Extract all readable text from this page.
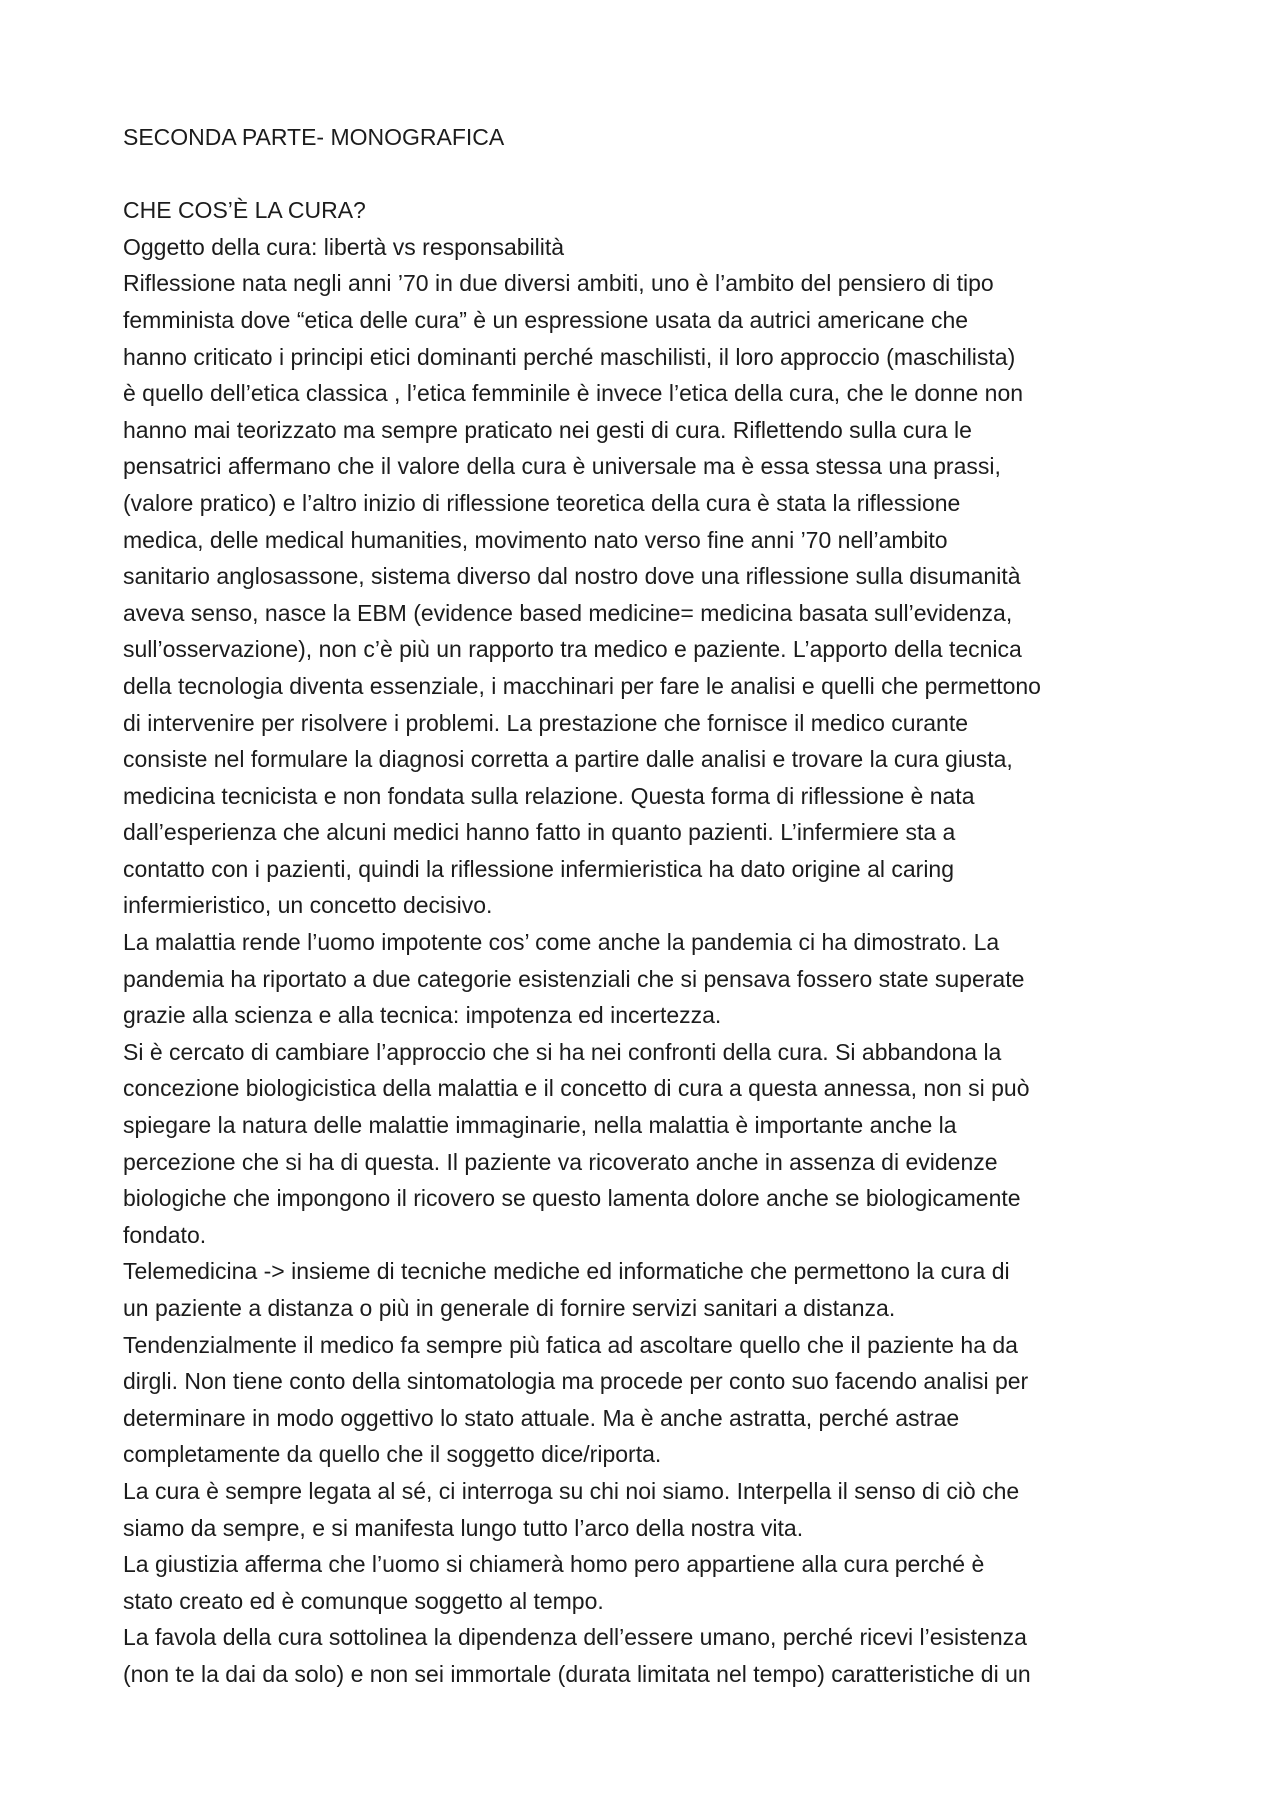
SECONDA PARTE- MONOGRAFICA
CHE COS’È LA CURA?
Oggetto della cura: libertà vs responsabilità
Riflessione nata negli anni ’70 in due diversi ambiti, uno è l’ambito del pensiero di tipo
femminista dove “etica delle cura” è un espressione usata da autrici americane che
hanno criticato i principi etici dominanti perché maschilisti, il loro approccio (maschilista)
è quello dell’etica classica , l’etica femminile è invece l’etica della cura, che le donne non
hanno mai teorizzato ma sempre praticato nei gesti di cura. Riflettendo sulla cura le
pensatrici affermano che il valore della cura è universale ma è essa stessa una prassi,
(valore pratico) e l’altro inizio di riflessione teoretica della cura è stata la riflessione
medica, delle medical humanities, movimento nato verso fine anni ’70 nell’ambito
sanitario anglosassone, sistema diverso dal nostro dove una riflessione sulla disumanità
aveva senso, nasce la EBM (evidence based medicine= medicina basata sull’evidenza,
sull’osservazione), non c’è più un rapporto tra medico e paziente. L’apporto della tecnica
della tecnologia diventa essenziale, i macchinari per fare le analisi e quelli che permettono
di intervenire per risolvere i problemi. La prestazione che fornisce il medico curante
consiste nel formulare la diagnosi corretta a partire dalle analisi e trovare la cura giusta,
medicina tecnicista e non fondata sulla relazione. Questa forma di riflessione è nata
dall’esperienza che alcuni medici hanno fatto in quanto pazienti. L’infermiere sta a
contatto con i pazienti, quindi la riflessione infermieristica ha dato origine al caring
infermieristico, un concetto decisivo.
La malattia rende l’uomo impotente cos’ come anche la pandemia ci ha dimostrato. La
pandemia ha riportato a due categorie esistenziali che si pensava fossero state superate
grazie alla scienza e alla tecnica: impotenza ed incertezza.
Si è cercato di cambiare l’approccio che si ha nei confronti della cura. Si abbandona la
concezione biologicistica della malattia e il concetto di cura a questa annessa, non si può
spiegare la natura delle malattie immaginarie, nella malattia è importante anche la
percezione che si ha di questa. Il paziente va ricoverato anche in assenza di evidenze
biologiche che impongono il ricovero se questo lamenta dolore anche se biologicamente
fondato.
Telemedicina -> insieme di tecniche mediche ed informatiche che permettono la cura di
un paziente a distanza o più in generale di fornire servizi sanitari a distanza.
Tendenzialmente il medico fa sempre più fatica ad ascoltare quello che il paziente ha da
dirgli. Non tiene conto della sintomatologia ma procede per conto suo facendo analisi per
determinare in modo oggettivo lo stato attuale. Ma è anche astratta, perché astrae
completamente da quello che il soggetto dice/riporta.
La cura è sempre legata al sé, ci interroga su chi noi siamo. Interpella il senso di ciò che
siamo da sempre, e si manifesta lungo tutto l’arco della nostra vita.
La giustizia afferma che l’uomo si chiamerà homo pero appartiene alla cura perché è
stato creato ed è comunque soggetto al tempo.
La favola della cura sottolinea la dipendenza dell’essere umano, perché ricevi l’esistenza
(non te la dai da solo) e non sei immortale (durata limitata nel tempo) caratteristiche di un
